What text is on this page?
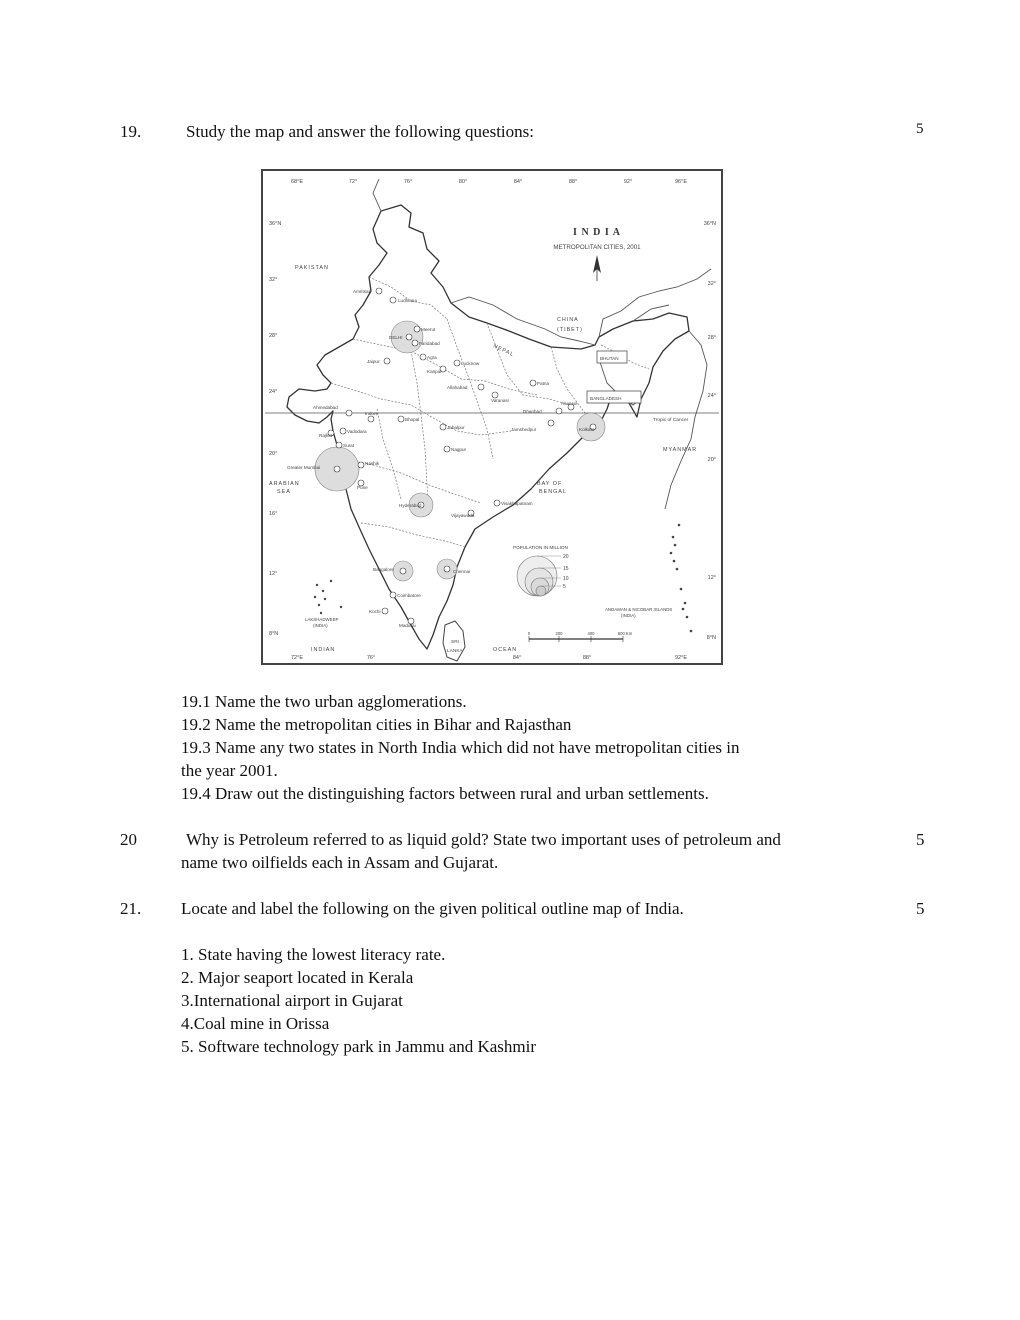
19.	Study the map and answer the following questions:	5
68°E	72°	76°	80°	84°	88°	92°	96°E
36°N
32°
28°
24°
20°
16°
12°
8°N
36°N
32°
28°
24°
20°
12°
8°N
72°E	76°	84°	88°	92°E
Tropic of Cancer
Amritsar
Ludhiana
Meerut
DELHI
Faridabad
Jaipur
Agra
Kanpur
Lucknow
Allahabad
Varanasi
Patna
Dhanbad
Asansol
Jamshedpur	Kolkata
Ahmedabad
Indore
Bhopal
Jabalpur
Rajkot
Vadodara
Surat
Nagpur
Nashik
Greater Mumbai
Pune
Hyderabad
Vijayawada
Visakhapatnam
Bangalore	Chennai
Coimbatore
Kochi
Madurai
I N D I A
METROPOLITAN CITIES, 2001
PAKISTAN
CHINA
(TIBET)
NEPAL
BHUTAN
BANGLADESH
MYANMAR
SRI
LANKA
ARABIAN
SEA
BAY OF
BENGAL
INDIAN	OCEAN
LAKSHADWEEP
(INDIA)
ANDAMAN & NICOBAR ISLANDS
(INDIA)
POPULATION IN MILLION
20
15
10
5
0	200	400	600 Km
19.1 Name the two urban agglomerations.
19.2 Name the metropolitan cities in Bihar and Rajasthan
19.3 Name any two states in North India which did not have metropolitan cities in
the year 2001.
19.4 Draw out the distinguishing factors between rural and urban settlements.
20	Why is Petroleum referred to as liquid gold? State two important uses of petroleum and
name two oilfields each in Assam and Gujarat.
5
21. Locate and label the following on the given political outline map of India.	5
1. State having the lowest literacy rate.
2. Major seaport located in Kerala
3.International airport in Gujarat
4.Coal mine in Orissa
5. Software technology park in Jammu and Kashmir
